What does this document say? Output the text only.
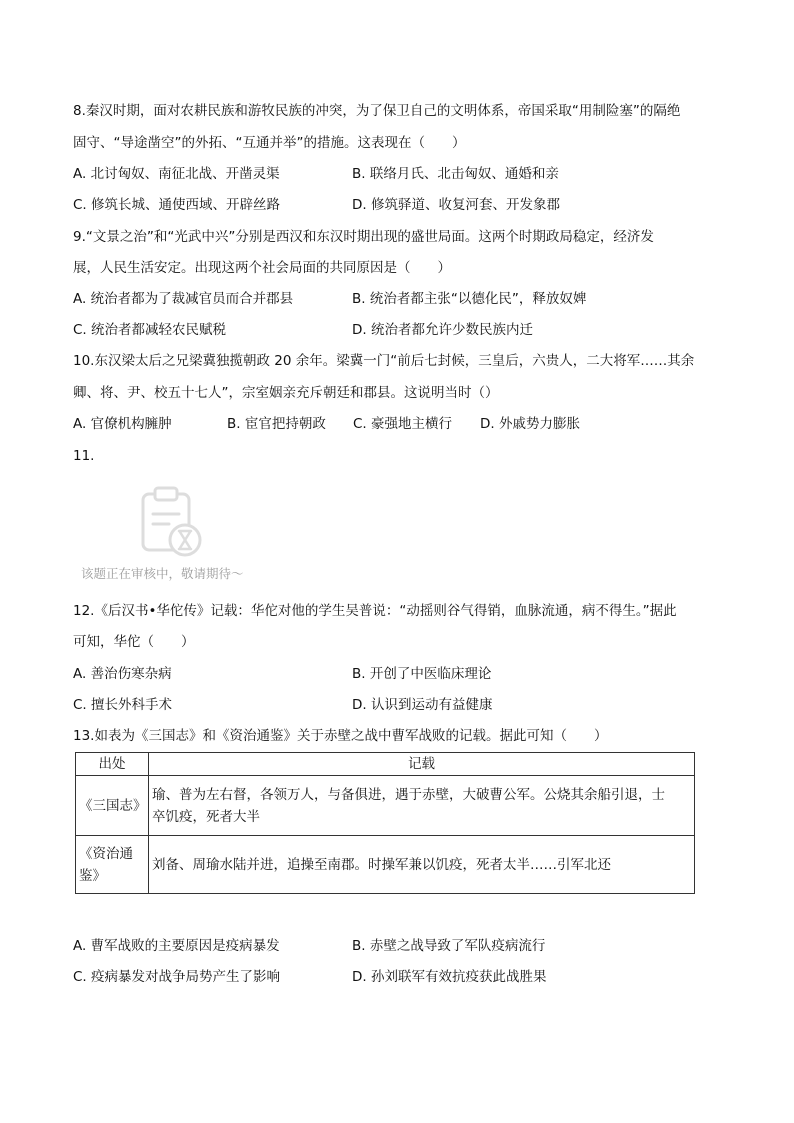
8.秦汉时期，面对农耕民族和游牧民族的冲突，为了保卫自己的文明体系，帝国采取“用制险塞”的隔绝
固守、“导途凿空”的外拓、“互通并举”的措施。这表现在（　　）
A. 北讨匈奴、南征北战、开凿灵渠	B. 联络月氏、北击匈奴、通婚和亲
C. 修筑长城、通使西域、开辟丝路	D. 修筑驿道、收复河套、开发象郡
9.“文景之治”和“光武中兴”分别是西汉和东汉时期出现的盛世局面。这两个时期政局稳定，经济发
展，人民生活安定。出现这两个社会局面的共同原因是（　　）
A. 统治者都为了裁减官员而合并郡县	B. 统治者都主张“以德化民”，释放奴婢
C. 统治者都减轻农民赋税	D. 统治者都允许少数民族内迁
10.东汉梁太后之兄梁冀独揽朝政 20 余年。梁冀一门“前后七封候，三皇后，六贵人，二大将军……其余
卿、将、尹、校五十七人”，宗室姻亲充斥朝廷和郡县。这说明当时（）
A. 官僚机构臃肿	B. 宦官把持朝政 C. 豪强地主横行 D. 外戚势力膨胀
11.
该题正在审核中，敬请期待～
12.《后汉书•华佗传》记载：华佗对他的学生吴普说：“动摇则谷气得销，血脉流通，病不得生。”据此
可知，华佗（　　）
A. 善治伤寒杂病	B. 开创了中医临床理论
C. 擅长外科手术	D. 认识到运动有益健康
13.如表为《三国志》和《资治通鉴》关于赤壁之战中曹军战败的记载。据此可知（　　）
出处	记载
《三国志》	瑜、普为左右督，各领万人，与备俱进，遇于赤壁，大破曹公军。公烧其余船引退，士
卒饥疫，死者大半
《资治通
鉴》	刘备、周瑜水陆并进，追操至南郡。时操军兼以饥疫，死者太半……引军北还
A. 曹军战败的主要原因是疫病暴发	B. 赤壁之战导致了军队疫病流行
C. 疫病暴发对战争局势产生了影响	D. 孙刘联军有效抗疫获此战胜果
